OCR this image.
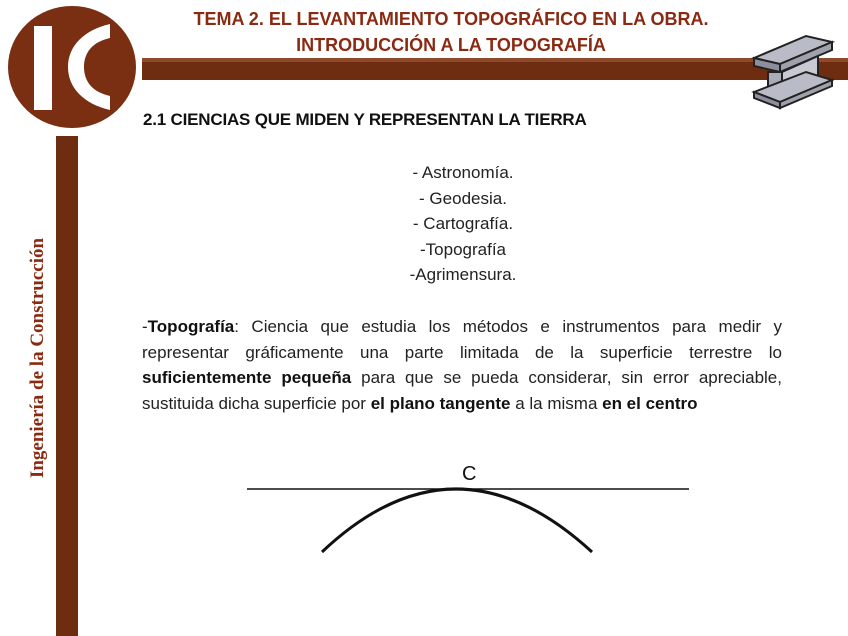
TEMA 2. EL LEVANTAMIENTO TOPOGRÁFICO EN LA OBRA.
INTRODUCCIÓN A LA TOPOGRAFÍA
Ingeniería de la Construcción
2.1 CIENCIAS QUE MIDEN Y REPRESENTAN LA TIERRA
- Astronomía.
- Geodesia.
- Cartografía.
-Topografía
-Agrimensura.
-Topografía: Ciencia que estudia los métodos e instrumentos para medir y representar gráficamente una parte limitada de la superficie terrestre lo suficientemente pequeña para que se pueda considerar, sin error apreciable, sustituida dicha superficie por el plano tangente a la misma en el centro
C
